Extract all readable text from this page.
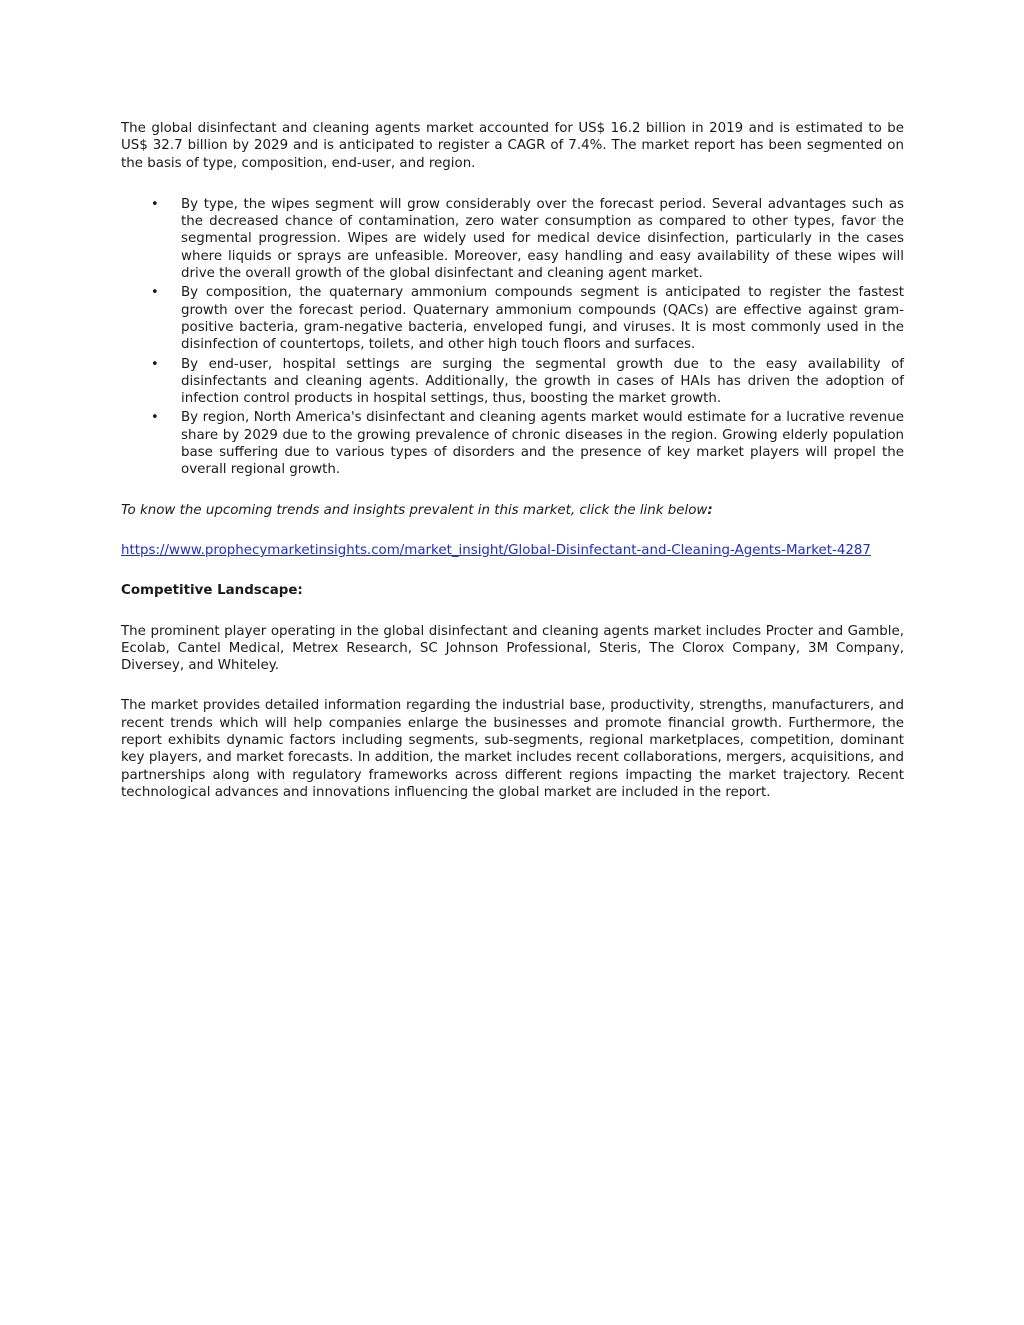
The global disinfectant and cleaning agents market accounted for US$ 16.2 billion in 2019 and is estimated to be US$ 32.7 billion by 2029 and is anticipated to register a CAGR of 7.4%. The market report has been segmented on the basis of type, composition, end-user, and region.

• By type, the wipes segment will grow considerably over the forecast period. Several advantages such as the decreased chance of contamination, zero water consumption as compared to other types, favor the segmental progression. Wipes are widely used for medical device disinfection, particularly in the cases where liquids or sprays are unfeasible. Moreover, easy handling and easy availability of these wipes will drive the overall growth of the global disinfectant and cleaning agent market.
• By composition, the quaternary ammonium compounds segment is anticipated to register the fastest growth over the forecast period. Quaternary ammonium compounds (QACs) are effective against gram-positive bacteria, gram-negative bacteria, enveloped fungi, and viruses. It is most commonly used in the disinfection of countertops, toilets, and other high touch floors and surfaces.
• By end-user, hospital settings are surging the segmental growth due to the easy availability of disinfectants and cleaning agents. Additionally, the growth in cases of HAIs has driven the adoption of infection control products in hospital settings, thus, boosting the market growth.
• By region, North America's disinfectant and cleaning agents market would estimate for a lucrative revenue share by 2029 due to the growing prevalence of chronic diseases in the region. Growing elderly population base suffering due to various types of disorders and the presence of key market players will propel the overall regional growth.

To know the upcoming trends and insights prevalent in this market, click the link below:

https://www.prophecymarketinsights.com/market_insight/Global-Disinfectant-and-Cleaning-Agents-Market-4287

Competitive Landscape:

The prominent player operating in the global disinfectant and cleaning agents market includes Procter and Gamble, Ecolab, Cantel Medical, Metrex Research, SC Johnson Professional, Steris, The Clorox Company, 3M Company, Diversey, and Whiteley.

The market provides detailed information regarding the industrial base, productivity, strengths, manufacturers, and recent trends which will help companies enlarge the businesses and promote financial growth. Furthermore, the report exhibits dynamic factors including segments, sub-segments, regional marketplaces, competition, dominant key players, and market forecasts. In addition, the market includes recent collaborations, mergers, acquisitions, and partnerships along with regulatory frameworks across different regions impacting the market trajectory. Recent technological advances and innovations influencing the global market are included in the report.
